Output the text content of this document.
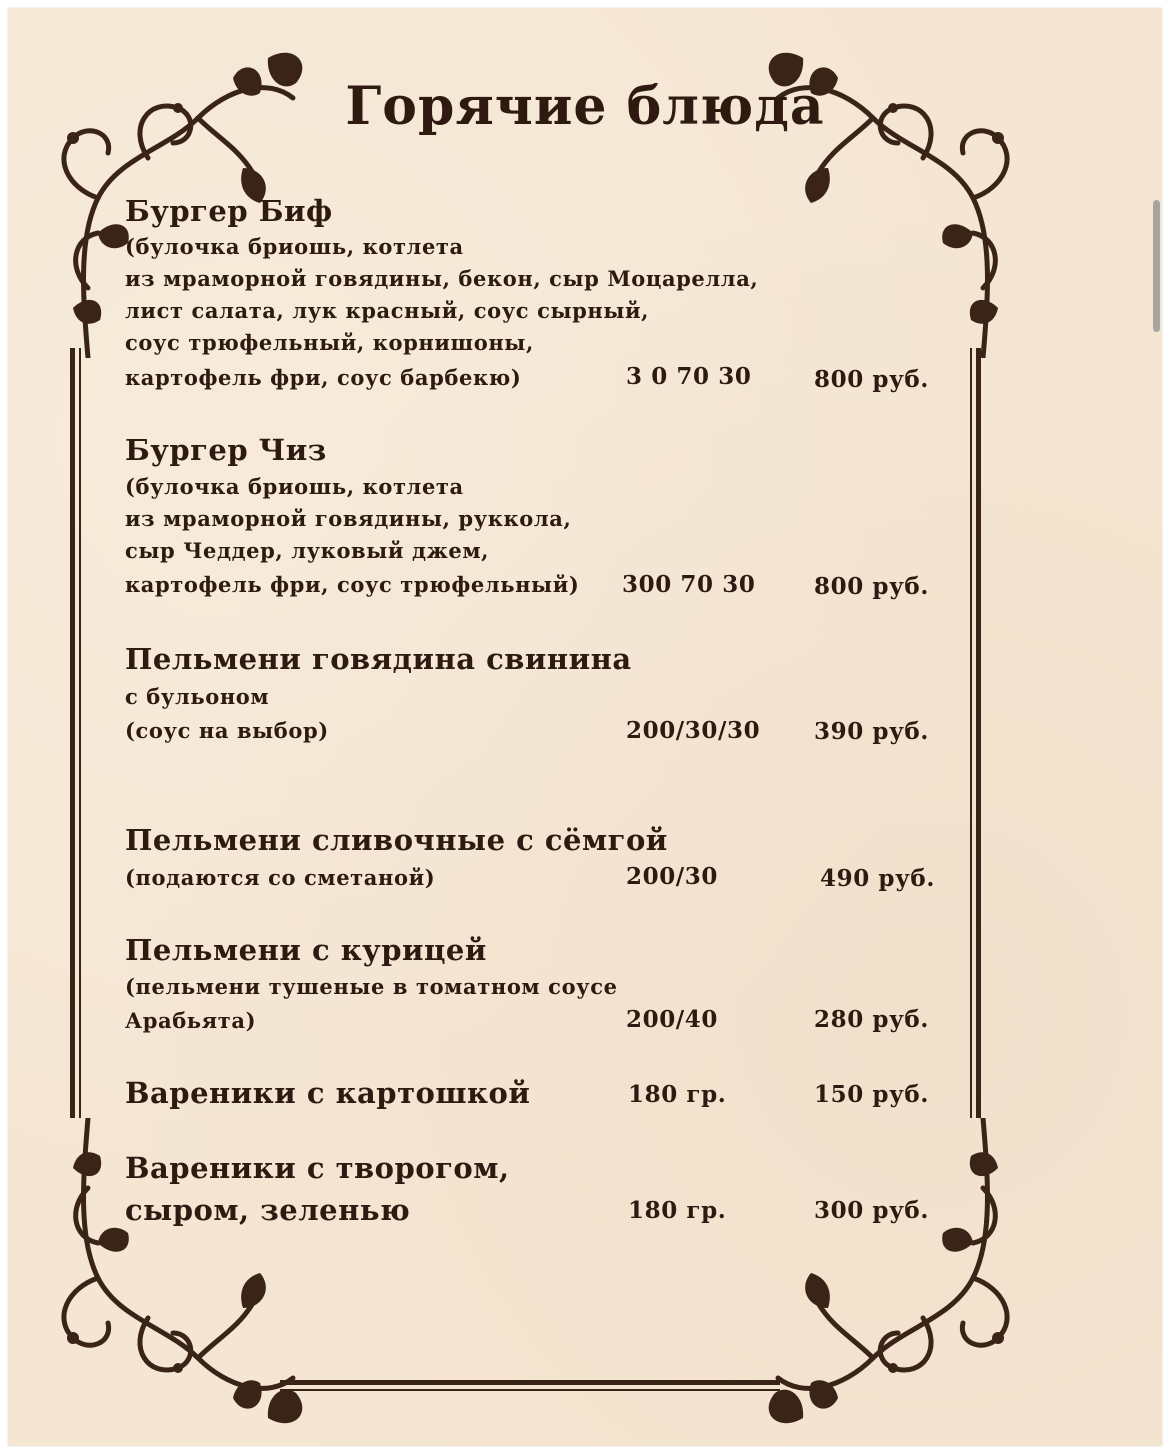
Горячие блюда
Бургер Биф
(булочка бриошь, котлета
из мраморной говядины, бекон, сыр Моцарелла,
лист салата, лук красный, соус сырный,
соус трюфельный, корнишоны,
картофель фри, соус барбекю)	3 0 70 30	800 руб.
Бургер Чиз
(булочка бриошь, котлета
из мраморной говядины, руккола,
сыр Чеддер, луковый джем,
картофель фри, соус трюфельный) 300 70 30	800 руб.
Пельмени говядина свинина
с бульоном
(соус на выбор)	200/30/30 390 руб.
Пельмени сливочные с сёмгой
(подаются со сметаной)	200/30	490 руб.
Пельмени с курицей
(пельмени тушеные в томатном соусе
Арабьята)	200/40	280 руб.
Вареники с картошкой	180 гр.	150 руб.
Вареники с творогом,
сыром, зеленью	180 гр.	300 руб.
